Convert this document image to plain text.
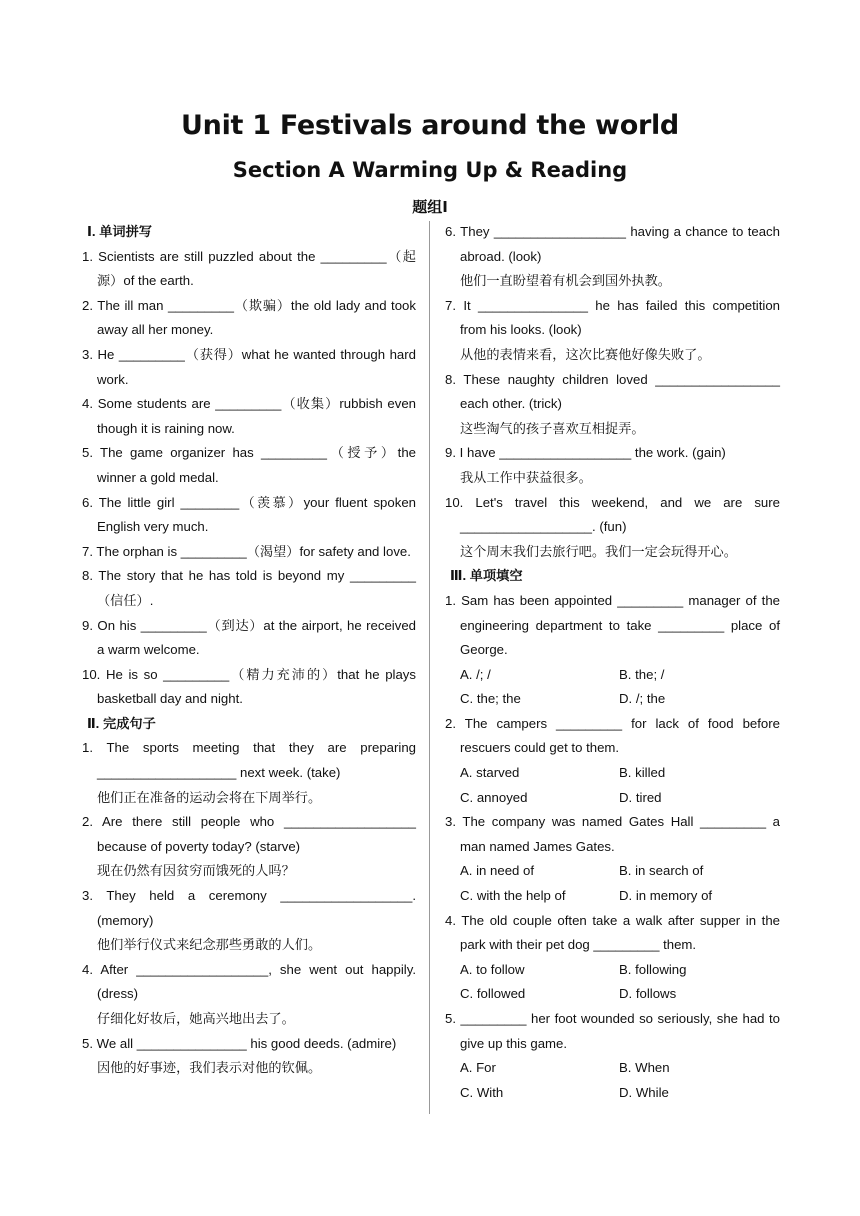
Unit 1 Festivals around the world
Section A Warming Up & Reading
题组Ⅰ
Ⅰ. 单词拼写
1. Scientists are still puzzled about the _________（起源）of the earth.
2. The ill man _________（欺骗）the old lady and took away all her money.
3. He _________（获得）what he wanted through hard work.
4. Some students are _________（收集）rubbish even though it is raining now.
5. The game organizer has _________（授予）the winner a gold medal.
6. The little girl ________（羡慕）your fluent spoken English very much.
7. The orphan is _________（渴望）for safety and love.
8. The story that he has told is beyond my _________（信任）.
9. On his _________（到达）at the airport, he received a warm welcome.
10. He is so _________（精力充沛的）that he plays basketball day and night.
Ⅱ. 完成句子
1. The sports meeting that they are preparing ___________________ next week. (take)
他们正在准备的运动会将在下周举行。
2. Are there still people who __________________ because of poverty today? (starve)
现在仍然有因贫穷而饿死的人吗？
3. They held a ceremony __________________. (memory)
他们举行仪式来纪念那些勇敢的人们。
4. After __________________, she went out happily. (dress)
仔细化好妆后，她高兴地出去了。
5. We all _______________ his good deeds. (admire)
因他的好事迹，我们表示对他的钦佩。
6. They __________________ having a chance to teach abroad. (look)
他们一直盼望着有机会到国外执教。
7. It _______________ he has failed this competition from his looks. (look)
从他的表情来看，这次比赛他好像失败了。
8. These naughty children loved _________________ each other. (trick)
这些淘气的孩子喜欢互相捉弄。
9. I have __________________ the work. (gain)
我从工作中获益很多。
10. Let's travel this weekend, and we are sure __________________. (fun)
这个周末我们去旅行吧。我们一定会玩得开心。
Ⅲ. 单项填空
1. Sam has been appointed _________ manager of the engineering department to take _________ place of George.
A. /; /	B. the; /
C. the; the	D. /; the
2. The campers _________ for lack of food before rescuers could get to them.
A. starved	B. killed
C. annoyed	D. tired
3. The company was named Gates Hall _________ a man named James Gates.
A. in need of	B. in search of
C. with the help of	D. in memory of
4. The old couple often take a walk after supper in the park with their pet dog _________ them.
A. to follow	B. following
C. followed	D. follows
5. _________ her foot wounded so seriously, she had to give up this game.
A. For	B. When
C. With	D. While
